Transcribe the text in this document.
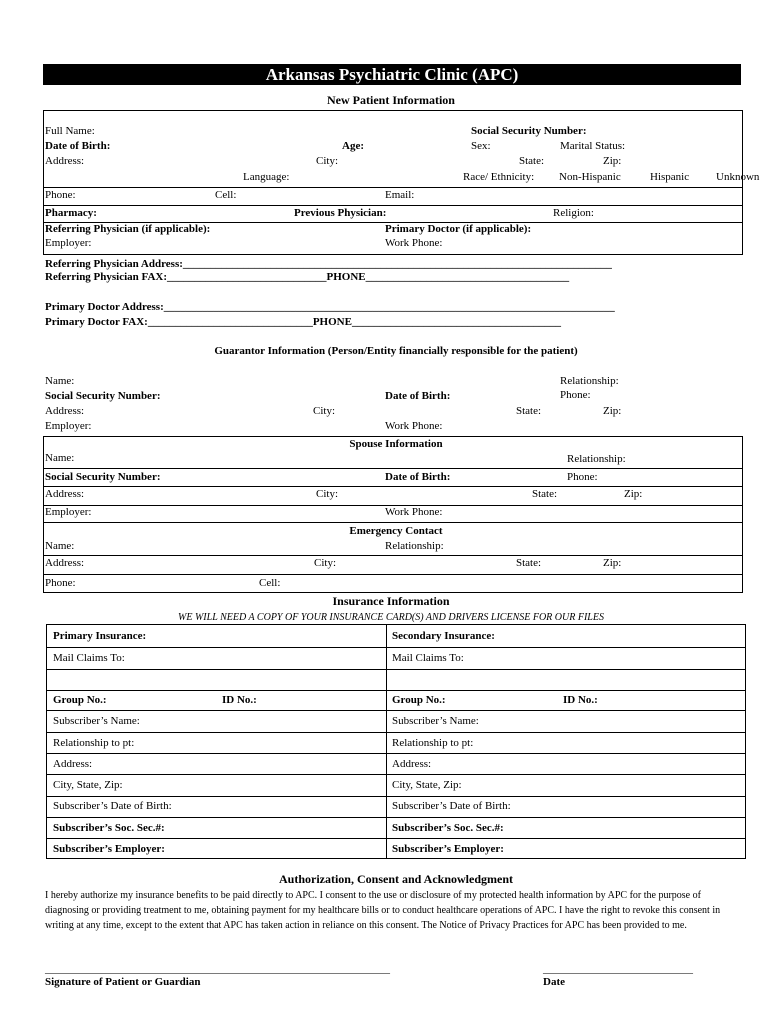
Arkansas Psychiatric Clinic (APC)
New Patient Information
Full Name:	Social Security Number:
Date of Birth:	Age:	Sex:	Marital Status:
Address:	City:	State:	Zip:
Language:	Race/ Ethnicity: Non-Hispanic	Hispanic Unknown
Phone:	Cell:	Email:
Pharmacy:	Previous Physician:	Religion:
Referring Physician (if applicable):	Primary Doctor (if applicable):
Employer:	Work Phone:
Referring Physician Address:______________________________________________________________________________
Referring Physician FAX:_____________________________PHONE_____________________________________
Primary Doctor Address:__________________________________________________________________________________
Primary Doctor FAX:______________________________PHONE______________________________________
Guarantor Information (Person/Entity financially responsible for the patient)
Name:	Relationship:
Social Security Number:	Date of Birth:	Phone:
Address:	City:	State:	Zip:
Employer:	Work Phone:
Spouse Information
Name:	Relationship:
Social Security Number:	Date of Birth:	Phone:
Address:	City:	State:	Zip:
Employer:	Work Phone:
Emergency Contact
Name:	Relationship:
Address:	City:	State:	Zip:
Phone:	Cell:
Insurance Information
WE WILL NEED A COPY OF YOUR INSURANCE CARD(S) AND DRIVERS LICENSE FOR OUR FILES
Primary Insurance:	Secondary Insurance:
Mail Claims To:	Mail Claims To:
Group No.:	ID No.:	Group No.:	ID No.:
Subscriber’s Name:	Subscriber’s Name:
Relationship to pt:	Relationship to pt:
Address:	Address:
City, State, Zip:	City, State, Zip:
Subscriber’s Date of Birth:	Subscriber’s Date of Birth:
Subscriber’s Soc. Sec.#:	Subscriber’s Soc. Sec.#:
Subscriber’s Employer:	Subscriber’s Employer:
Authorization, Consent and Acknowledgment
I hereby authorize my insurance benefits to be paid directly to APC. I consent to the use or disclosure of my protected health information by APC for the purpose of diagnosing or providing treatment to me, obtaining payment for my healthcare bills or to conduct healthcare operations of APC. I have the right to revoke this consent in writing at any time, except to the extent that APC has taken action in reliance on this consent. The Notice of Privacy Practices for APC has been provided to me.
_____________________________________________________________________	______________________________
Signature of Patient or Guardian	Date
